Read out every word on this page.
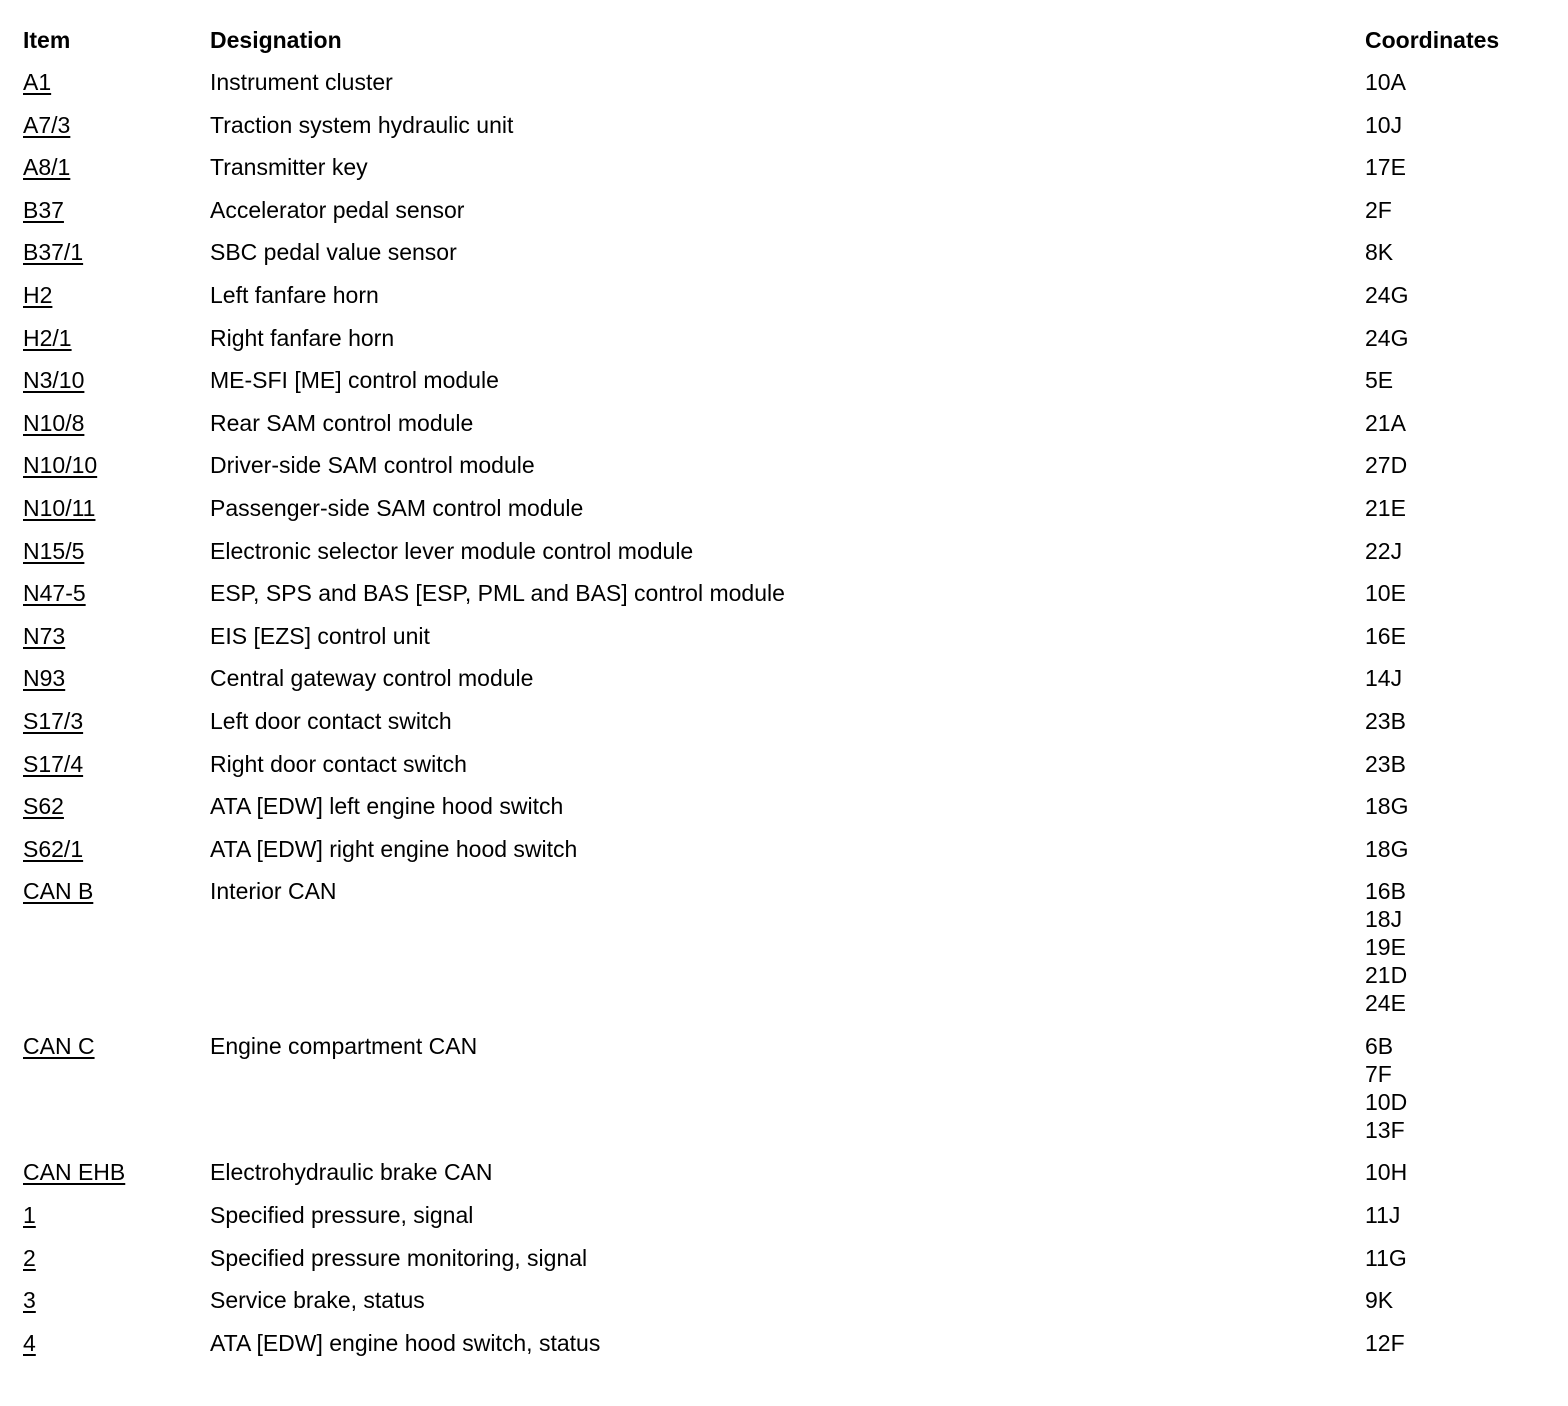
Item	Designation	Coordinates
A1	Instrument cluster	10A

A7/3	Traction system hydraulic unit	10J

A8/1	Transmitter key	17E

B37	Accelerator pedal sensor	2F

B37/1	SBC pedal value sensor	8K

H2	Left fanfare horn	24G

H2/1	Right fanfare horn	24G

N3/10	ME-SFI [ME] control module	5E

N10/8	Rear SAM control module	21A

N10/10	Driver-side SAM control module	27D

N10/11	Passenger-side SAM control module	21E

N15/5	Electronic selector lever module control module	22J

N47-5	ESP, SPS and BAS [ESP, PML and BAS] control module	10E

N73	EIS [EZS] control unit	16E

N93	Central gateway control module	14J

S17/3	Left door contact switch	23B

S17/4	Right door contact switch	23B

S62	ATA [EDW] left engine hood switch	18G

S62/1	ATA [EDW] right engine hood switch	18G

CAN B	Interior CAN	16B
18J
19E
21D
24E

CAN C	Engine compartment CAN	6B
7F
10D
13F

CAN EHB	Electrohydraulic brake CAN	10H

1	Specified pressure, signal	11J

2	Specified pressure monitoring, signal	11G

3	Service brake, status	9K

4	ATA [EDW] engine hood switch, status	12F
